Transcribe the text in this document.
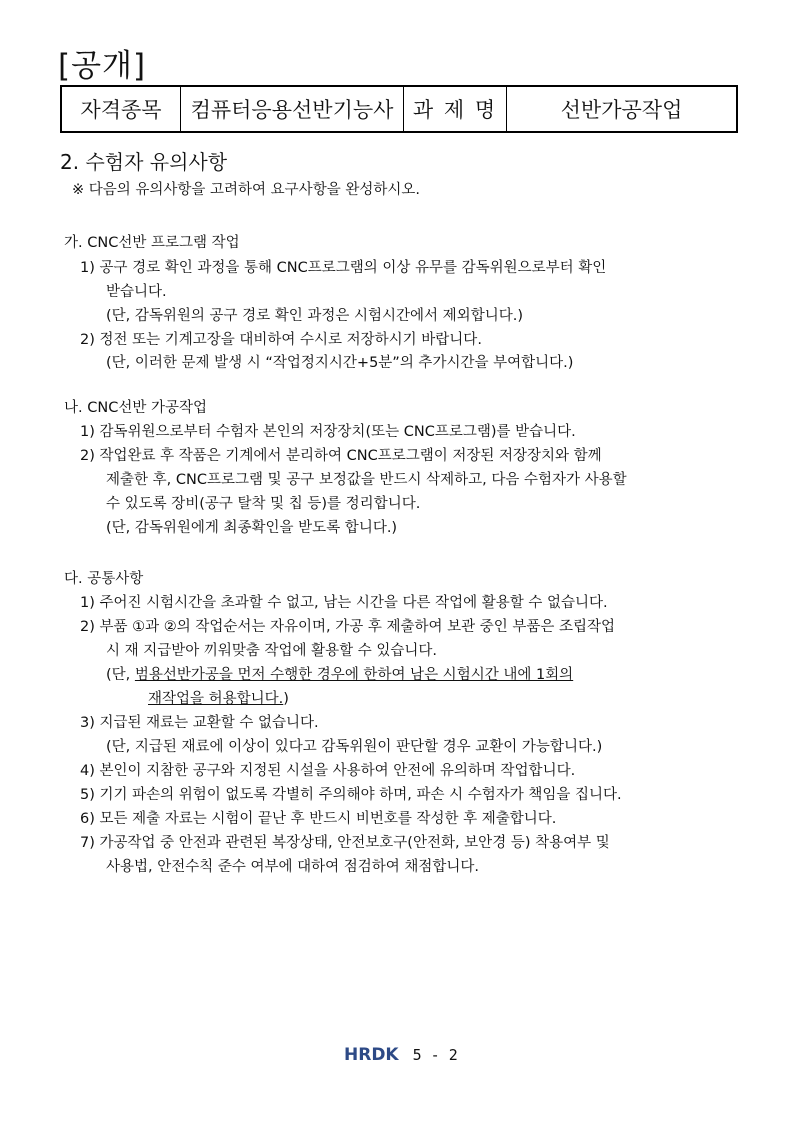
[공개]
자격종목	컴퓨터응용선반기능사	과 제 명	선반가공작업
2. 수험자 유의사항
※ 다음의 유의사항을 고려하여 요구사항을 완성하시오.
가. CNC선반 프로그램 작업
1) 공구 경로 확인 과정을 통해 CNC프로그램의 이상 유무를 감독위원으로부터 확인
받습니다.
(단, 감독위원의 공구 경로 확인 과정은 시험시간에서 제외합니다.)
2) 정전 또는 기계고장을 대비하여 수시로 저장하시기 바랍니다.
(단, 이러한 문제 발생 시 “작업정지시간+5분”의 추가시간을 부여합니다.)
나. CNC선반 가공작업
1) 감독위원으로부터 수험자 본인의 저장장치(또는 CNC프로그램)를 받습니다.
2) 작업완료 후 작품은 기계에서 분리하여 CNC프로그램이 저장된 저장장치와 함께
제출한 후, CNC프로그램 및 공구 보정값을 반드시 삭제하고, 다음 수험자가 사용할
수 있도록 장비(공구 탈착 및 칩 등)를 정리합니다.
(단, 감독위원에게 최종확인을 받도록 합니다.)
다. 공통사항
1) 주어진 시험시간을 초과할 수 없고, 남는 시간을 다른 작업에 활용할 수 없습니다.
2) 부품 ①과 ②의 작업순서는 자유이며, 가공 후 제출하여 보관 중인 부품은 조립작업
시 재 지급받아 끼워맞춤 작업에 활용할 수 있습니다.
(단, 범용선반가공을 먼저 수행한 경우에 한하여 남은 시험시간 내에 1회의
재작업을 허용합니다.)
3) 지급된 재료는 교환할 수 없습니다.
(단, 지급된 재료에 이상이 있다고 감독위원이 판단할 경우 교환이 가능합니다.)
4) 본인이 지참한 공구와 지정된 시설을 사용하여 안전에 유의하며 작업합니다.
5) 기기 파손의 위험이 없도록 각별히 주의해야 하며, 파손 시 수험자가 책임을 집니다.
6) 모든 제출 자료는 시험이 끝난 후 반드시 비번호를 작성한 후 제출합니다.
7) 가공작업 중 안전과 관련된 복장상태, 안전보호구(안전화, 보안경 등) 착용여부 및
사용법, 안전수칙 준수 여부에 대하여 점검하여 채점합니다.
HRDK 5 - 2
